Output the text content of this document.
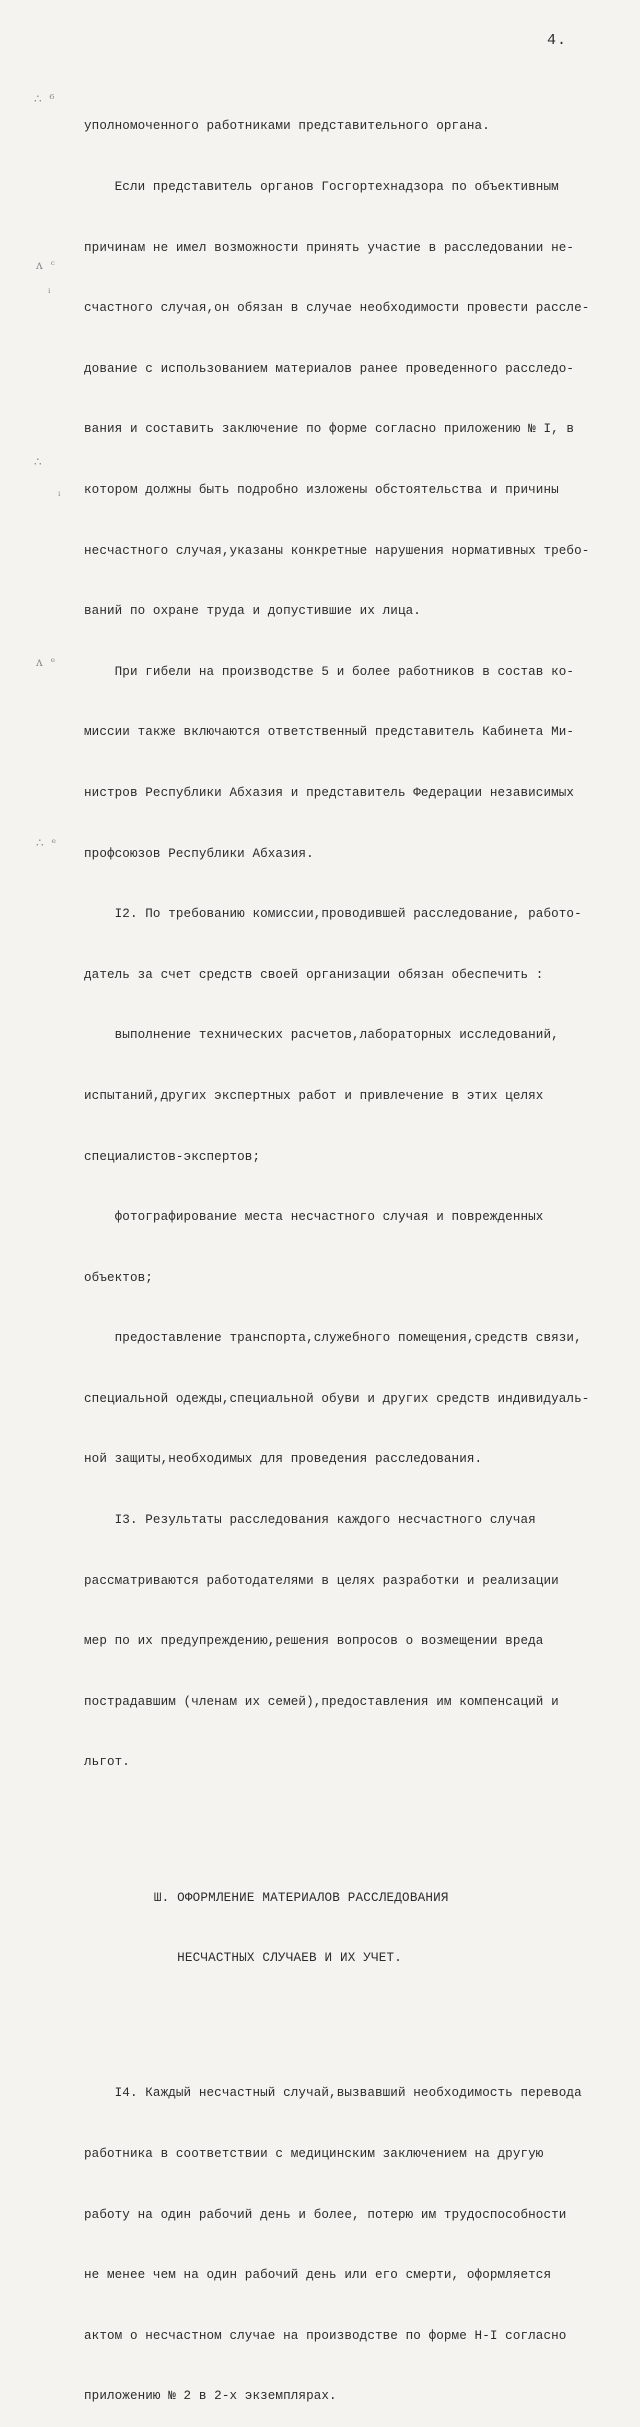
4.
∴ ⁶
ᴧ ᶜ
ᵢ
∴
ᵢ
ᴧ ᵉ
∴ ᵉ

уполномоченного работниками представительного органа.

Если представитель органов Госгортехнадзора по объективным

причинам не имел возможности принять участие в расследовании не-

счастного случая,он обязан в случае необходимости провести рассле-

дование с использованием материалов ранее проведенного расследо-

вания и составить заключение по форме согласно приложению № I, в

котором должны быть подробно изложены обстоятельства и причины

несчастного случая,указаны конкретные нарушения нормативных требо-

ваний по охране труда и допустившие их лица.

При гибели на производстве 5 и более работников в состав ко-

миссии также включаются ответственный представитель Кабинета Ми-

нистров Республики Абхазия и представитель Федерации независимых

профсоюзов Республики Абхазия.

I2. По требованию комиссии,проводившей расследование, работо-

датель за счет средств своей организации обязан обеспечить :

выполнение технических расчетов,лабораторных исследований,

испытаний,других экспертных работ и привлечение в этих целях

специалистов-экспертов;

фотографирование места несчастного случая и поврежденных

объектов;

предоставление транспорта,служебного помещения,средств связи,

специальной одежды,специальной обуви и других средств индивидуаль-

ной защиты,необходимых для проведения расследования.

I3. Результаты расследования каждого несчастного случая

рассматриваются работодателями в целях разработки и реализации

мер по их предупреждению,решения вопросов о возмещении вреда

пострадавшим (членам их семей),предоставления им компенсаций и

льгот.

Ш. ОФОРМЛЕНИЕ МАТЕРИАЛОВ РАССЛЕДОВАНИЯ

НЕСЧАСТНЫХ СЛУЧАЕВ И ИХ УЧЕТ.

I4. Каждый несчастный случай,вызвавший необходимость перевода

работника в соответствии с медицинским заключением на другую

работу на один рабочий день и более, потерю им трудоспособности

не менее чем на один рабочий день или его смерти, оформляется

актом о несчастном случае на производстве по форме Н-I согласно

приложению № 2 в 2-х экземплярах.
